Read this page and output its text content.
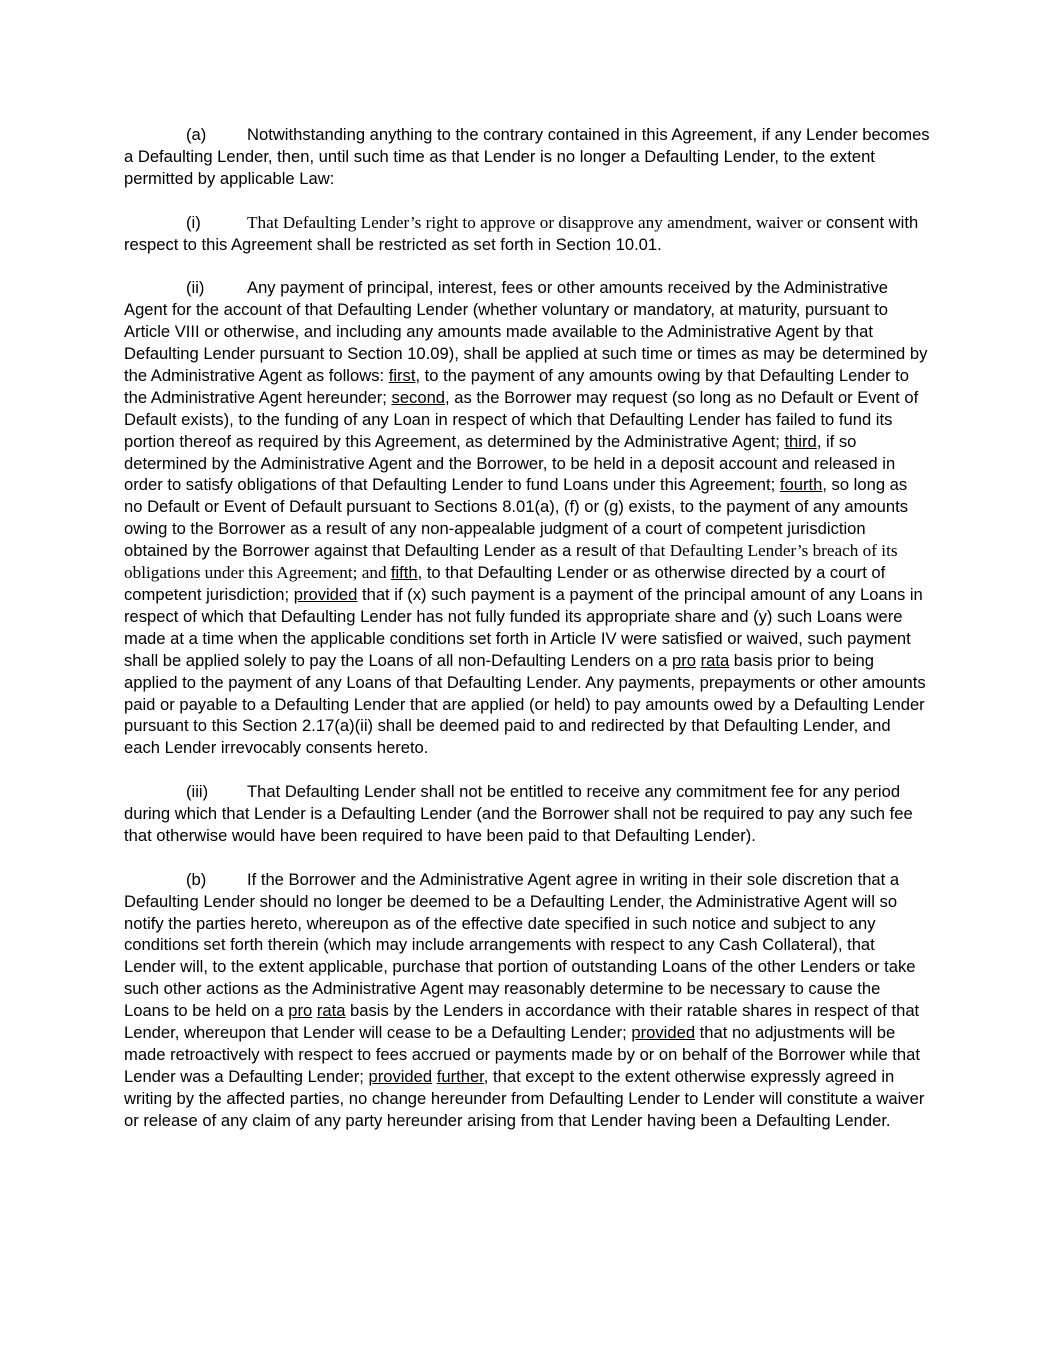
(a) Notwithstanding anything to the contrary contained in this Agreement, if any Lender becomes a Defaulting Lender, then, until such time as that Lender is no longer a Defaulting Lender, to the extent permitted by applicable Law:

(i)	That Defaulting Lender’s right to approve or disapprove any amendment, waiver or consent with respect to this Agreement shall be restricted as set forth in Section 10.01.

(ii)	Any payment of principal, interest, fees or other amounts received by the Administrative Agent for the account of that Defaulting Lender (whether voluntary or mandatory, at maturity, pursuant to Article VIII or otherwise, and including any amounts made available to the Administrative Agent by that Defaulting Lender pursuant to Section 10.09), shall be applied at such time or times as may be determined by the Administrative Agent as follows: first, to the payment of any amounts owing by that Defaulting Lender to the Administrative Agent hereunder; second, as the Borrower may request (so long as no Default or Event of Default exists), to the funding of any Loan in respect of which that Defaulting Lender has failed to fund its portion thereof as required by this Agreement, as determined by the Administrative Agent; third, if so determined by the Administrative Agent and the Borrower, to be held in a deposit account and released in order to satisfy obligations of that Defaulting Lender to fund Loans under this Agreement; fourth, so long as no Default or Event of Default pursuant to Sections 8.01(a), (f) or (g) exists, to the payment of any amounts owing to the Borrower as a result of any non-appealable judgment of a court of competent jurisdiction obtained by the Borrower against that Defaulting Lender as a result of that Defaulting Lender’s breach of its obligations under this Agreement; and fifth, to that Defaulting Lender or as otherwise directed by a court of competent jurisdiction; provided that if (x) such payment is a payment of the principal amount of any Loans in respect of which that Defaulting Lender has not fully funded its appropriate share and (y) such Loans were made at a time when the applicable conditions set forth in Article IV were satisfied or waived, such payment shall be applied solely to pay the Loans of all non-Defaulting Lenders on a pro rata basis prior to being applied to the payment of any Loans of that Defaulting Lender. Any payments, prepayments or other amounts paid or payable to a Defaulting Lender that are applied (or held) to pay amounts owed by a Defaulting Lender pursuant to this Section 2.17(a)(ii) shall be deemed paid to and redirected by that Defaulting Lender, and each Lender irrevocably consents hereto.

(iii) That Defaulting Lender shall not be entitled to receive any commitment fee for any period during which that Lender is a Defaulting Lender (and the Borrower shall not be required to pay any such fee that otherwise would have been required to have been paid to that Defaulting Lender).

(b) If the Borrower and the Administrative Agent agree in writing in their sole discretion that a Defaulting Lender should no longer be deemed to be a Defaulting Lender, the Administrative Agent will so notify the parties hereto, whereupon as of the effective date specified in such notice and subject to any conditions set forth therein (which may include arrangements with respect to any Cash Collateral), that Lender will, to the extent applicable, purchase that portion of outstanding Loans of the other Lenders or take such other actions as the Administrative Agent may reasonably determine to be necessary to cause the Loans to be held on a pro rata basis by the Lenders in accordance with their ratable shares in respect of that Lender, whereupon that Lender will cease to be a Defaulting Lender; provided that no adjustments will be made retroactively with respect to fees accrued or payments made by or on behalf of the Borrower while that Lender was a Defaulting Lender; provided further, that except to the extent otherwise expressly agreed in writing by the affected parties, no change hereunder from Defaulting Lender to Lender will constitute a waiver or release of any claim of any party hereunder arising from that Lender having been a Defaulting Lender.
